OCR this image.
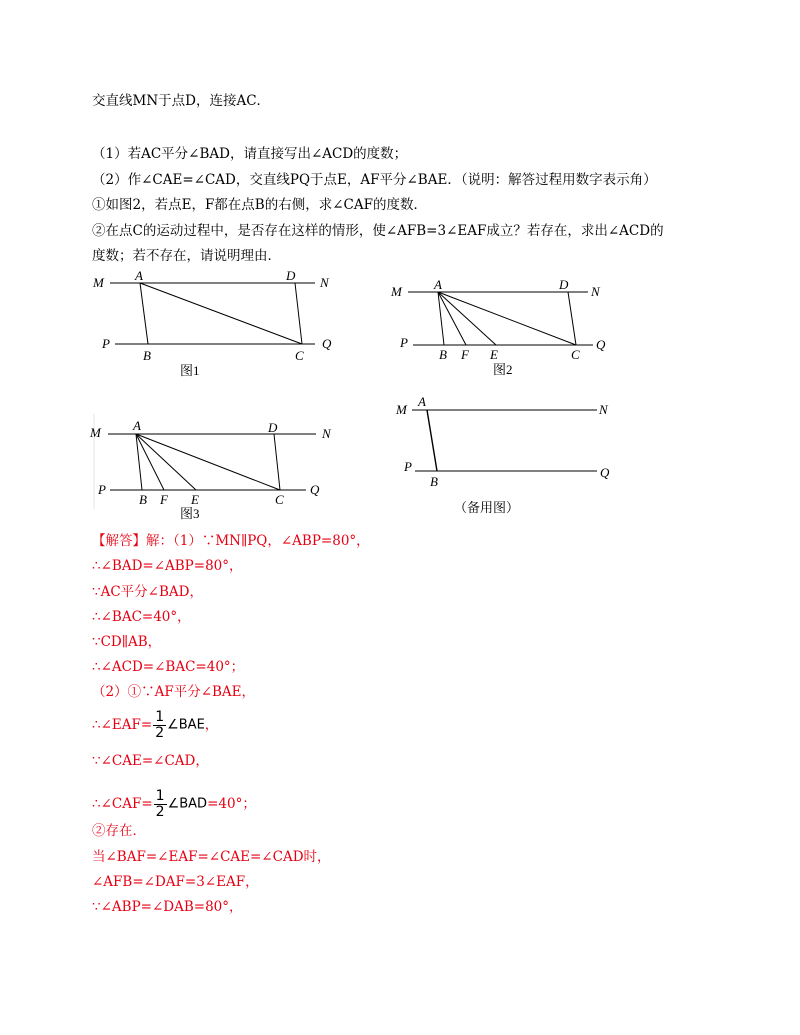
交直线MN于点D，连接AC．
（1）若AC平分∠BAD，请直接写出∠ACD的度数；
（2）作∠CAE=∠CAD，交直线PQ于点E，AF平分∠BAE．（说明：解答过程用数字表示角）
①如图2，若点E，F都在点B的右侧，求∠CAF的度数．
②在点C的运动过程中，是否存在这样的情形，使∠AFB=3∠EAF成立？若存在，求出∠ACD的
度数；若不存在，请说明理由．
M	N
A	D
P	Q
B	C
图1
M	N
A	D
P	Q
B F E	C
图2
M	N
A	D
P	Q
B F E	C
图3
M	N
A
P	Q
B
（备用图）
【解答】解：（1）∵MN∥PQ，∠ABP=80°，
∴∠BAD=∠ABP=80°，
∵AC平分∠BAD，
∴∠BAC=40°，
∵CD∥AB，
∴∠ACD=∠BAC=40°；
（2）①∵AF平分∠BAE，
∴∠EAF= $\frac{1}{2}$ ∠BAE，
∵∠CAE=∠CAD，
∴∠CAF= $\frac{1}{2}$ ∠BAD=40°；
②存在．
当∠BAF=∠EAF=∠CAE=∠CAD时，
∠AFB=∠DAF=3∠EAF，
∵∠ABP=∠DAB=80°，
